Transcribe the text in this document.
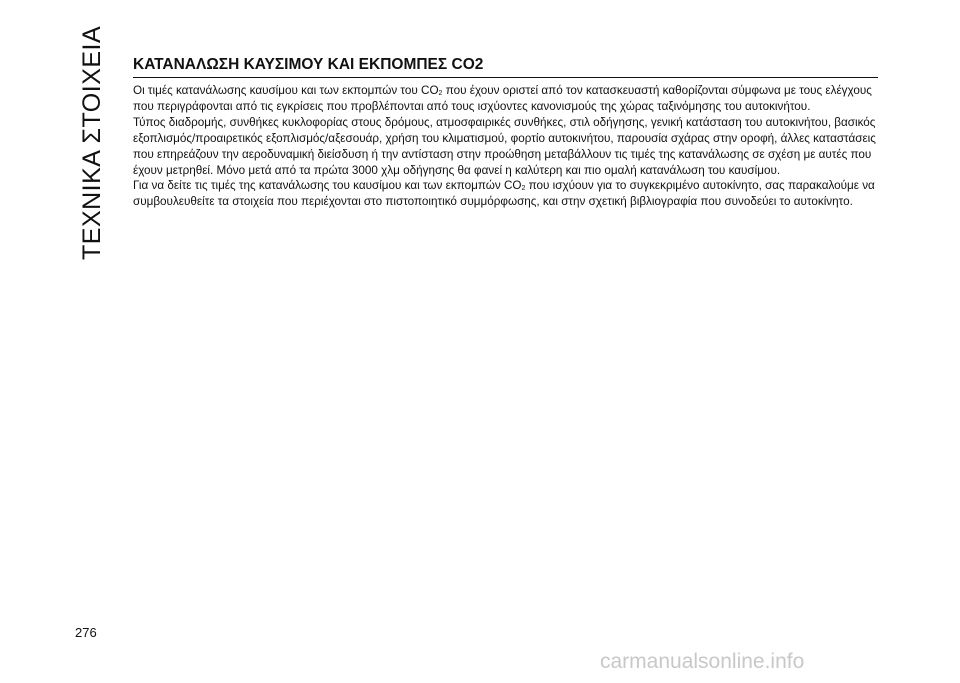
ΤΕΧΝΙΚΑ ΣΤΟΙΧΕΙΑ ΚΑΤΑΝΑΛΩΣΗ ΚΑΥΣΙΜΟΥ ΚΑΙ ΕΚΠΟΜΠΕΣ CO2

Οι τιμές κατανάλωσης καυσίμου και των εκπομπών του $CO_2$ που έχουν οριστεί από τον κατασκευαστή καθορίζονται σύμφωνα με τους ελέγχους που περιγράφονται από τις εγκρίσεις που προβλέπονται από τους ισχύοντες κανονισμούς της χώρας ταξινόμησης του αυτοκινήτου.

Τύπος διαδρομής, συνθήκες κυκλοφορίας στους δρόμους, ατμοσφαιρικές συνθήκες, στιλ οδήγησης, γενική κατάσταση του αυτοκινήτου, βασικός εξοπλισμός/προαιρετικός εξοπλισμός/αξεσουάρ, χρήση του κλιματισμού, φορτίο αυτοκινήτου, παρουσία σχάρας στην οροφή, άλλες καταστάσεις που επηρεάζουν την αεροδυναμική διείσδυση ή την αντίσταση στην προώθηση μεταβάλλουν τις τιμές της κατανάλωσης σε σχέση με αυτές που έχουν μετρηθεί. Μόνο μετά από τα πρώτα 3000 χλμ οδήγησης θα φανεί η καλύτερη και πιο ομαλή κατανάλωση του καυσίμου.

Για να δείτε τις τιμές της κατανάλωσης του καυσίμου και των εκπομπών $CO_2$ που ισχύουν για το συγκεκριμένο αυτοκίνητο, σας παρακαλούμε να συμβουλευθείτε τα στοιχεία που περιέχονται στο πιστοποιητικό συμμόρφωσης, και στην σχετική βιβλιογραφία που συνοδεύει το αυτοκίνητο.

276
carmanualsonline.info
